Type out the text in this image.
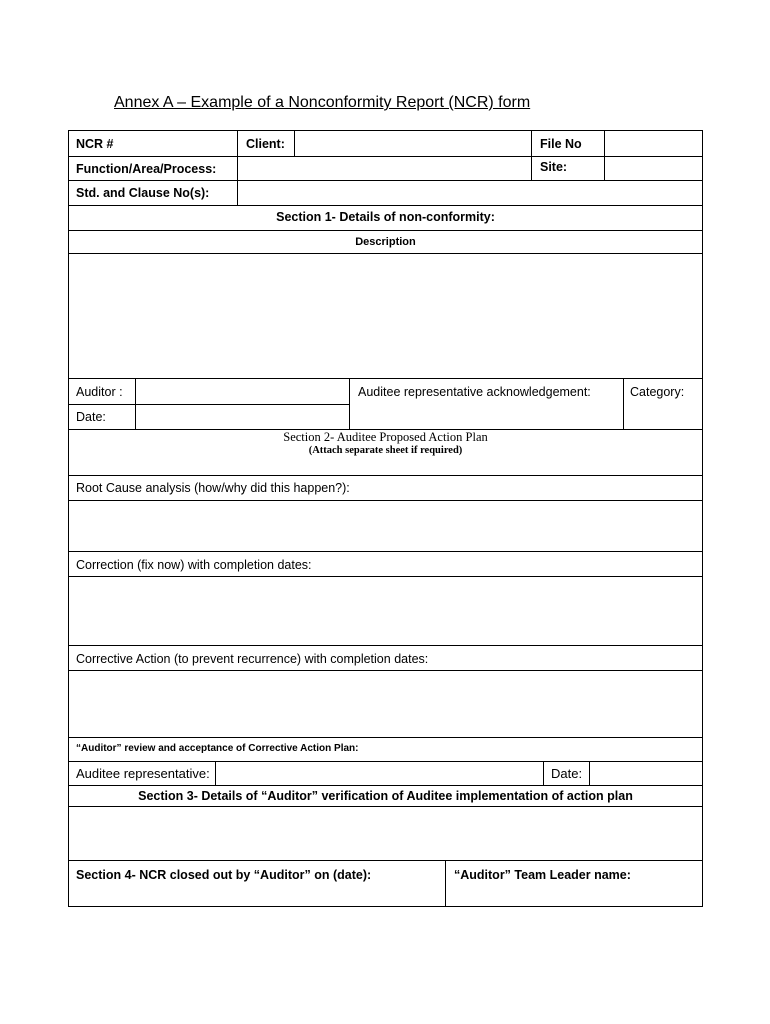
Annex A – Example of a Nonconformity Report (NCR) form
NCR #	Client:	File No
Function/Area/Process:	Site:
Std. and Clause No(s):
Section 1- Details of non-conformity:
Description
Auditor :
Date:
Auditee representative acknowledgement:	Category:
Section 2- Auditee Proposed Action Plan
(Attach separate sheet if required)
Root Cause analysis (how/why did this happen?):
Correction (fix now) with completion dates:
Corrective Action (to prevent recurrence) with completion dates:
“Auditor” review and acceptance of Corrective Action Plan:
Auditee representative:	Date:
Section 3- Details of “Auditor” verification of Auditee implementation of action plan
Section 4- NCR closed out by “Auditor” on (date):	“Auditor” Team Leader name:
